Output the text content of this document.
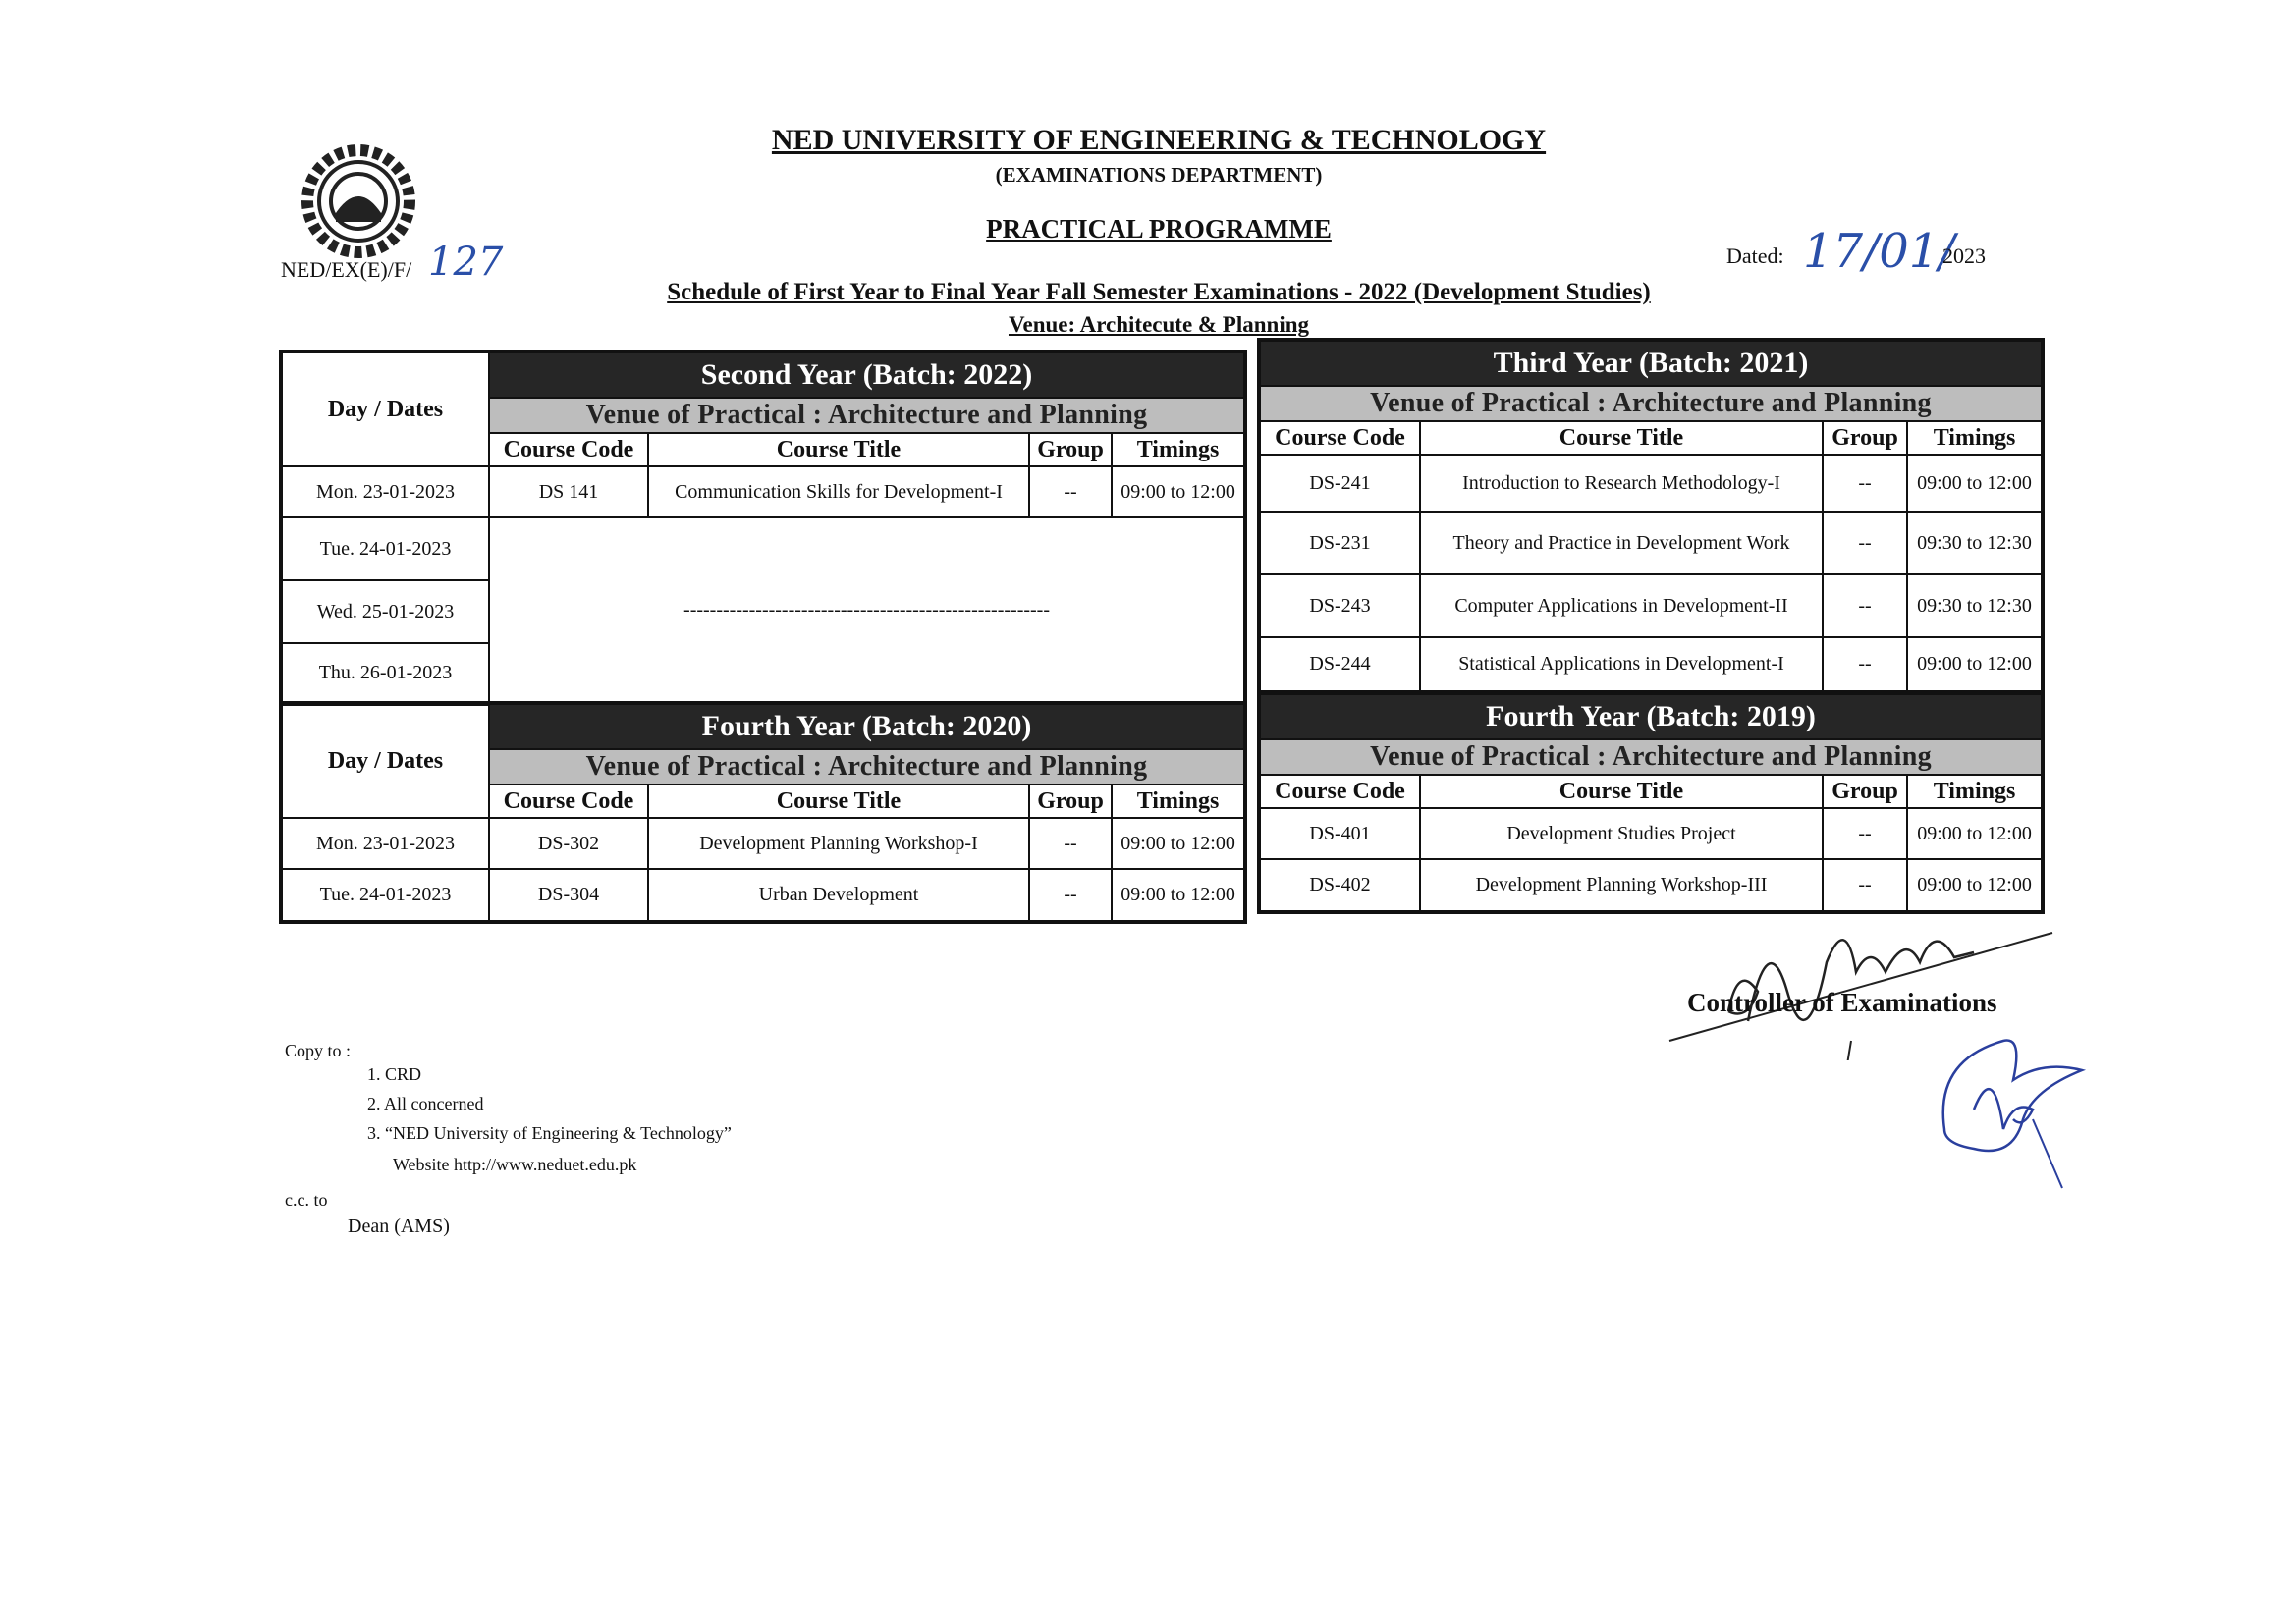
NED UNIVERSITY OF ENGINEERING & TECHNOLOGY
(EXAMINATIONS DEPARTMENT)
PRACTICAL PROGRAMME
NED/EX(E)/F/ 127	Dated: 17/01/
2023
Schedule of First Year to Final Year Fall Semester Examinations - 2022 (Development Studies)
Venue: Architecute & Planning
Day / Dates	Second Year (Batch: 2022)			
	Venue of Practical : Architecture and Planning			
	Course Code	Course Title	Group	Timings
Mon. 23-01-2023	DS 141	Communication Skills for Development-I	--	09:00 to 12:00
Tue. 24-01-2023	--------------------------------------------------------			
Wed. 25-01-2023				
Thu. 26-01-2023				
Third Year (Batch: 2021)			
Venue of Practical : Architecture and Planning			
Course Code	Course Title	Group	Timings
DS-241	Introduction to Research Methodology-I	--	09:00 to 12:00
DS-231	Theory and Practice in Development Work	--	09:30 to 12:30
DS-243	Computer Applications in Development-II	--	09:30 to 12:30
DS-244	Statistical Applications in Development-I	--	09:00 to 12:00
Day / Dates	Fourth Year (Batch: 2020)			
	Venue of Practical : Architecture and Planning			
	Course Code	Course Title	Group	Timings
Mon. 23-01-2023	DS-302	Development Planning Workshop-I	--	09:00 to 12:00
Tue. 24-01-2023	DS-304	Urban Development	--	09:00 to 12:00
Fourth Year (Batch: 2019)			
Venue of Practical : Architecture and Planning			
Course Code	Course Title	Group	Timings
DS-401	Development Studies Project	--	09:00 to 12:00
DS-402	Development Planning Workshop-III	--	09:00 to 12:00
Controller of Examinations
Copy to :
1. CRD
2. All concerned
3. “NED University of Engineering & Technology”
Website http://www.neduet.edu.pk
c.c. to
Dean (AMS)
